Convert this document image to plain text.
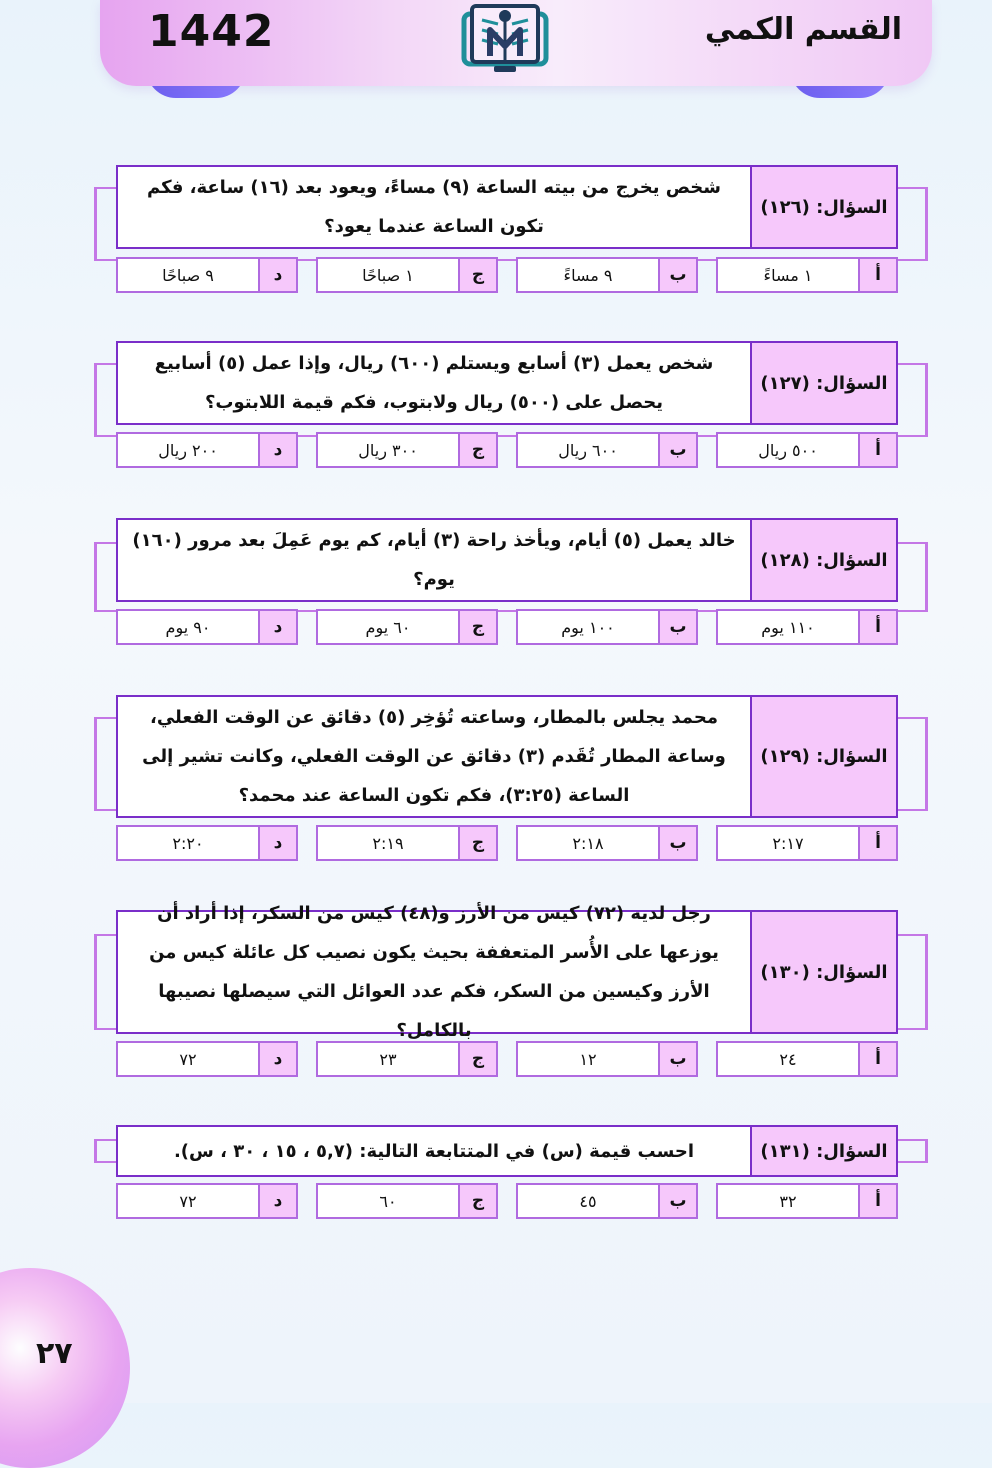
1442	القسم الكمي
السؤال: (١٢٦)
شخص يخرج من بيته الساعة (٩) مساءً، ويعود بعد (١٦) ساعة، فكم تكون الساعة عندما يعود؟
أ
١ مساءً
ب
٩ مساءً
ج
١ صباحًا
د
٩ صباحًا
السؤال: (١٢٧)
شخص يعمل (٣) أسابع ويستلم (٦٠٠) ريال، وإذا عمل (٥) أسابيع يحصل على (٥٠٠) ريال ولابتوب، فكم قيمة اللابتوب؟
أ
٥٠٠ ريال
ب
٦٠٠ ريال
ج
٣٠٠ ريال
د
٢٠٠ ريال
السؤال: (١٢٨)
خالد يعمل (٥) أيام، ويأخذ راحة (٣) أيام، كم يوم عَمِلَ بعد مرور (١٦٠) يوم؟
أ
١١٠ يوم
ب
١٠٠ يوم
ج
٦٠ يوم
د
٩٠ يوم
السؤال: (١٢٩)
محمد يجلس بالمطار، وساعته تُؤخِر (٥) دقائق عن الوقت الفعلي، وساعة المطار تُقَدم (٣) دقائق عن الوقت الفعلي، وكانت تشير إلى الساعة (٣:٢٥)، فكم تكون الساعة عند محمد؟
أ
٢:١٧
ب
٢:١٨
ج
٢:١٩
د
٢:٢٠
السؤال: (١٣٠)
رجل لديه (٧٢) كيس من الأرز و(٤٨) كيس من السكر، إذا أراد أن يوزعها على الأُسر المتعففة بحيث يكون نصيب كل عائلة كيس من الأرز وكيسين من السكر، فكم عدد العوائل التي سيصلها نصيبها بالكامل؟
أ
٢٤
ب
١٢
ج
٢٣
د
٧٢
السؤال: (١٣١)
احسب قيمة (س) في المتتابعة التالية: (٥,٧ ، ١٥ ، ٣٠ ، س).
أ
٣٢
ب
٤٥
ج
٦٠
د
٧٢
٢٧
